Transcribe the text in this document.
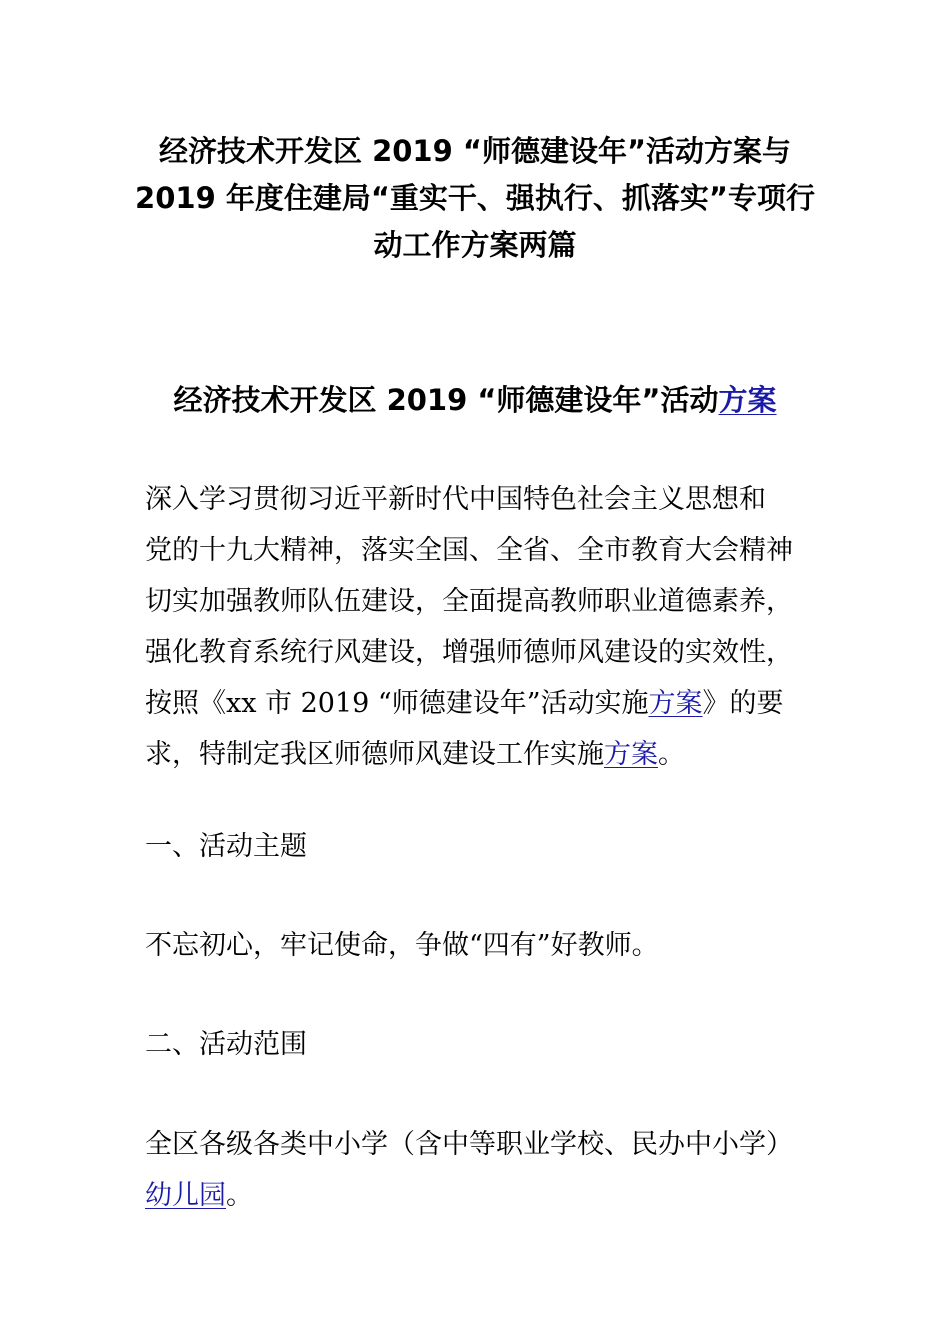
经济技术开发区 2019 “师德建设年”活动方案与
2019 年度住建局“重实干、强执行、抓落实”专项行
动工作方案两篇
经济技术开发区 2019 “师德建设年”活动方案

深入学习贯彻习近平新时代中国特色社会主义思想和
党的十九大精神，落实全国、全省、全市教育大会精神
切实加强教师队伍建设，全面提高教师职业道德素养，
强化教育系统行风建设，增强师德师风建设的实效性，
按照《xx 市 2019 “师德建设年”活动实施方案》的要
求，特制定我区师德师风建设工作实施方案。

一、活动主题

不忘初心，牢记使命，争做“四有”好教师。

二、活动范围

全区各级各类中小学（含中等职业学校、民办中小学）
幼儿园。
